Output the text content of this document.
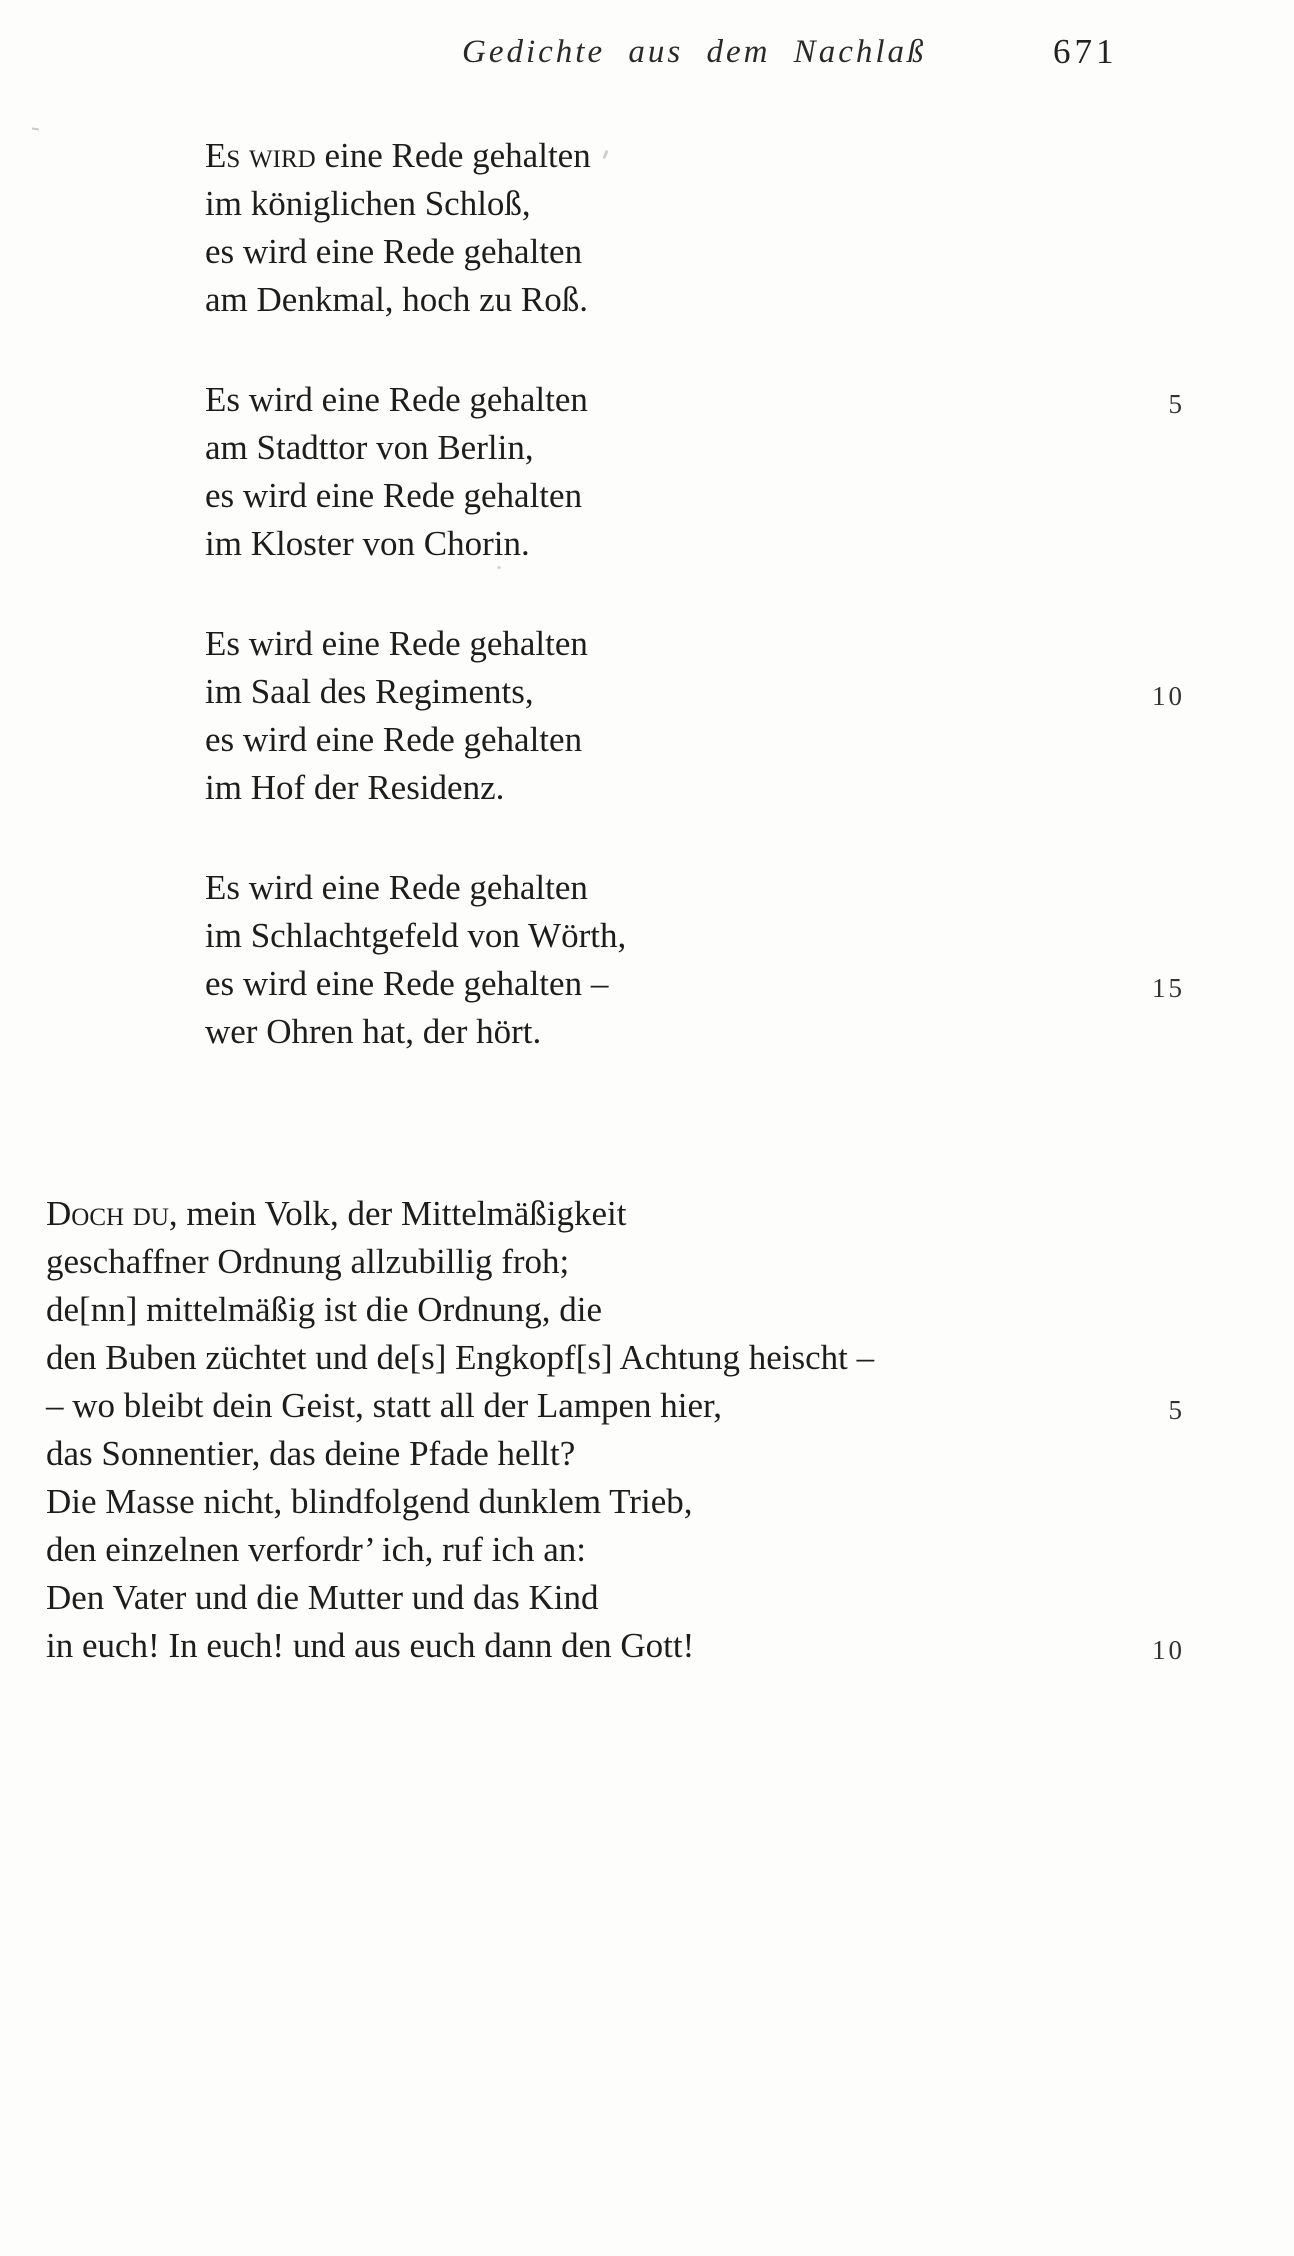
Gedichte aus dem Nachlaß	671
Es wird eine Rede gehalten
im königlichen Schloß,
es wird eine Rede gehalten
am Denkmal, hoch zu Roß.
Es wird eine Rede gehalten	5
am Stadttor von Berlin,
es wird eine Rede gehalten
im Kloster von Chorin.
Es wird eine Rede gehalten
im Saal des Regiments,	10
es wird eine Rede gehalten
im Hof der Residenz.
Es wird eine Rede gehalten
im Schlachtgefeld von Wörth,
es wird eine Rede gehalten –	15
wer Ohren hat, der hört.
Doch du, mein Volk, der Mittelmäßigkeit
geschaffner Ordnung allzubillig froh;
de[nn] mittelmäßig ist die Ordnung, die
den Buben züchtet und de[s] Engkopf[s] Achtung heischt –
– wo bleibt dein Geist, statt all der Lampen hier,	5
das Sonnentier, das deine Pfade hellt?
Die Masse nicht, blindfolgend dunklem Trieb,
den einzelnen verfordr’ ich, ruf ich an:
Den Vater und die Mutter und das Kind
in euch! In euch! und aus euch dann den Gott!	10
